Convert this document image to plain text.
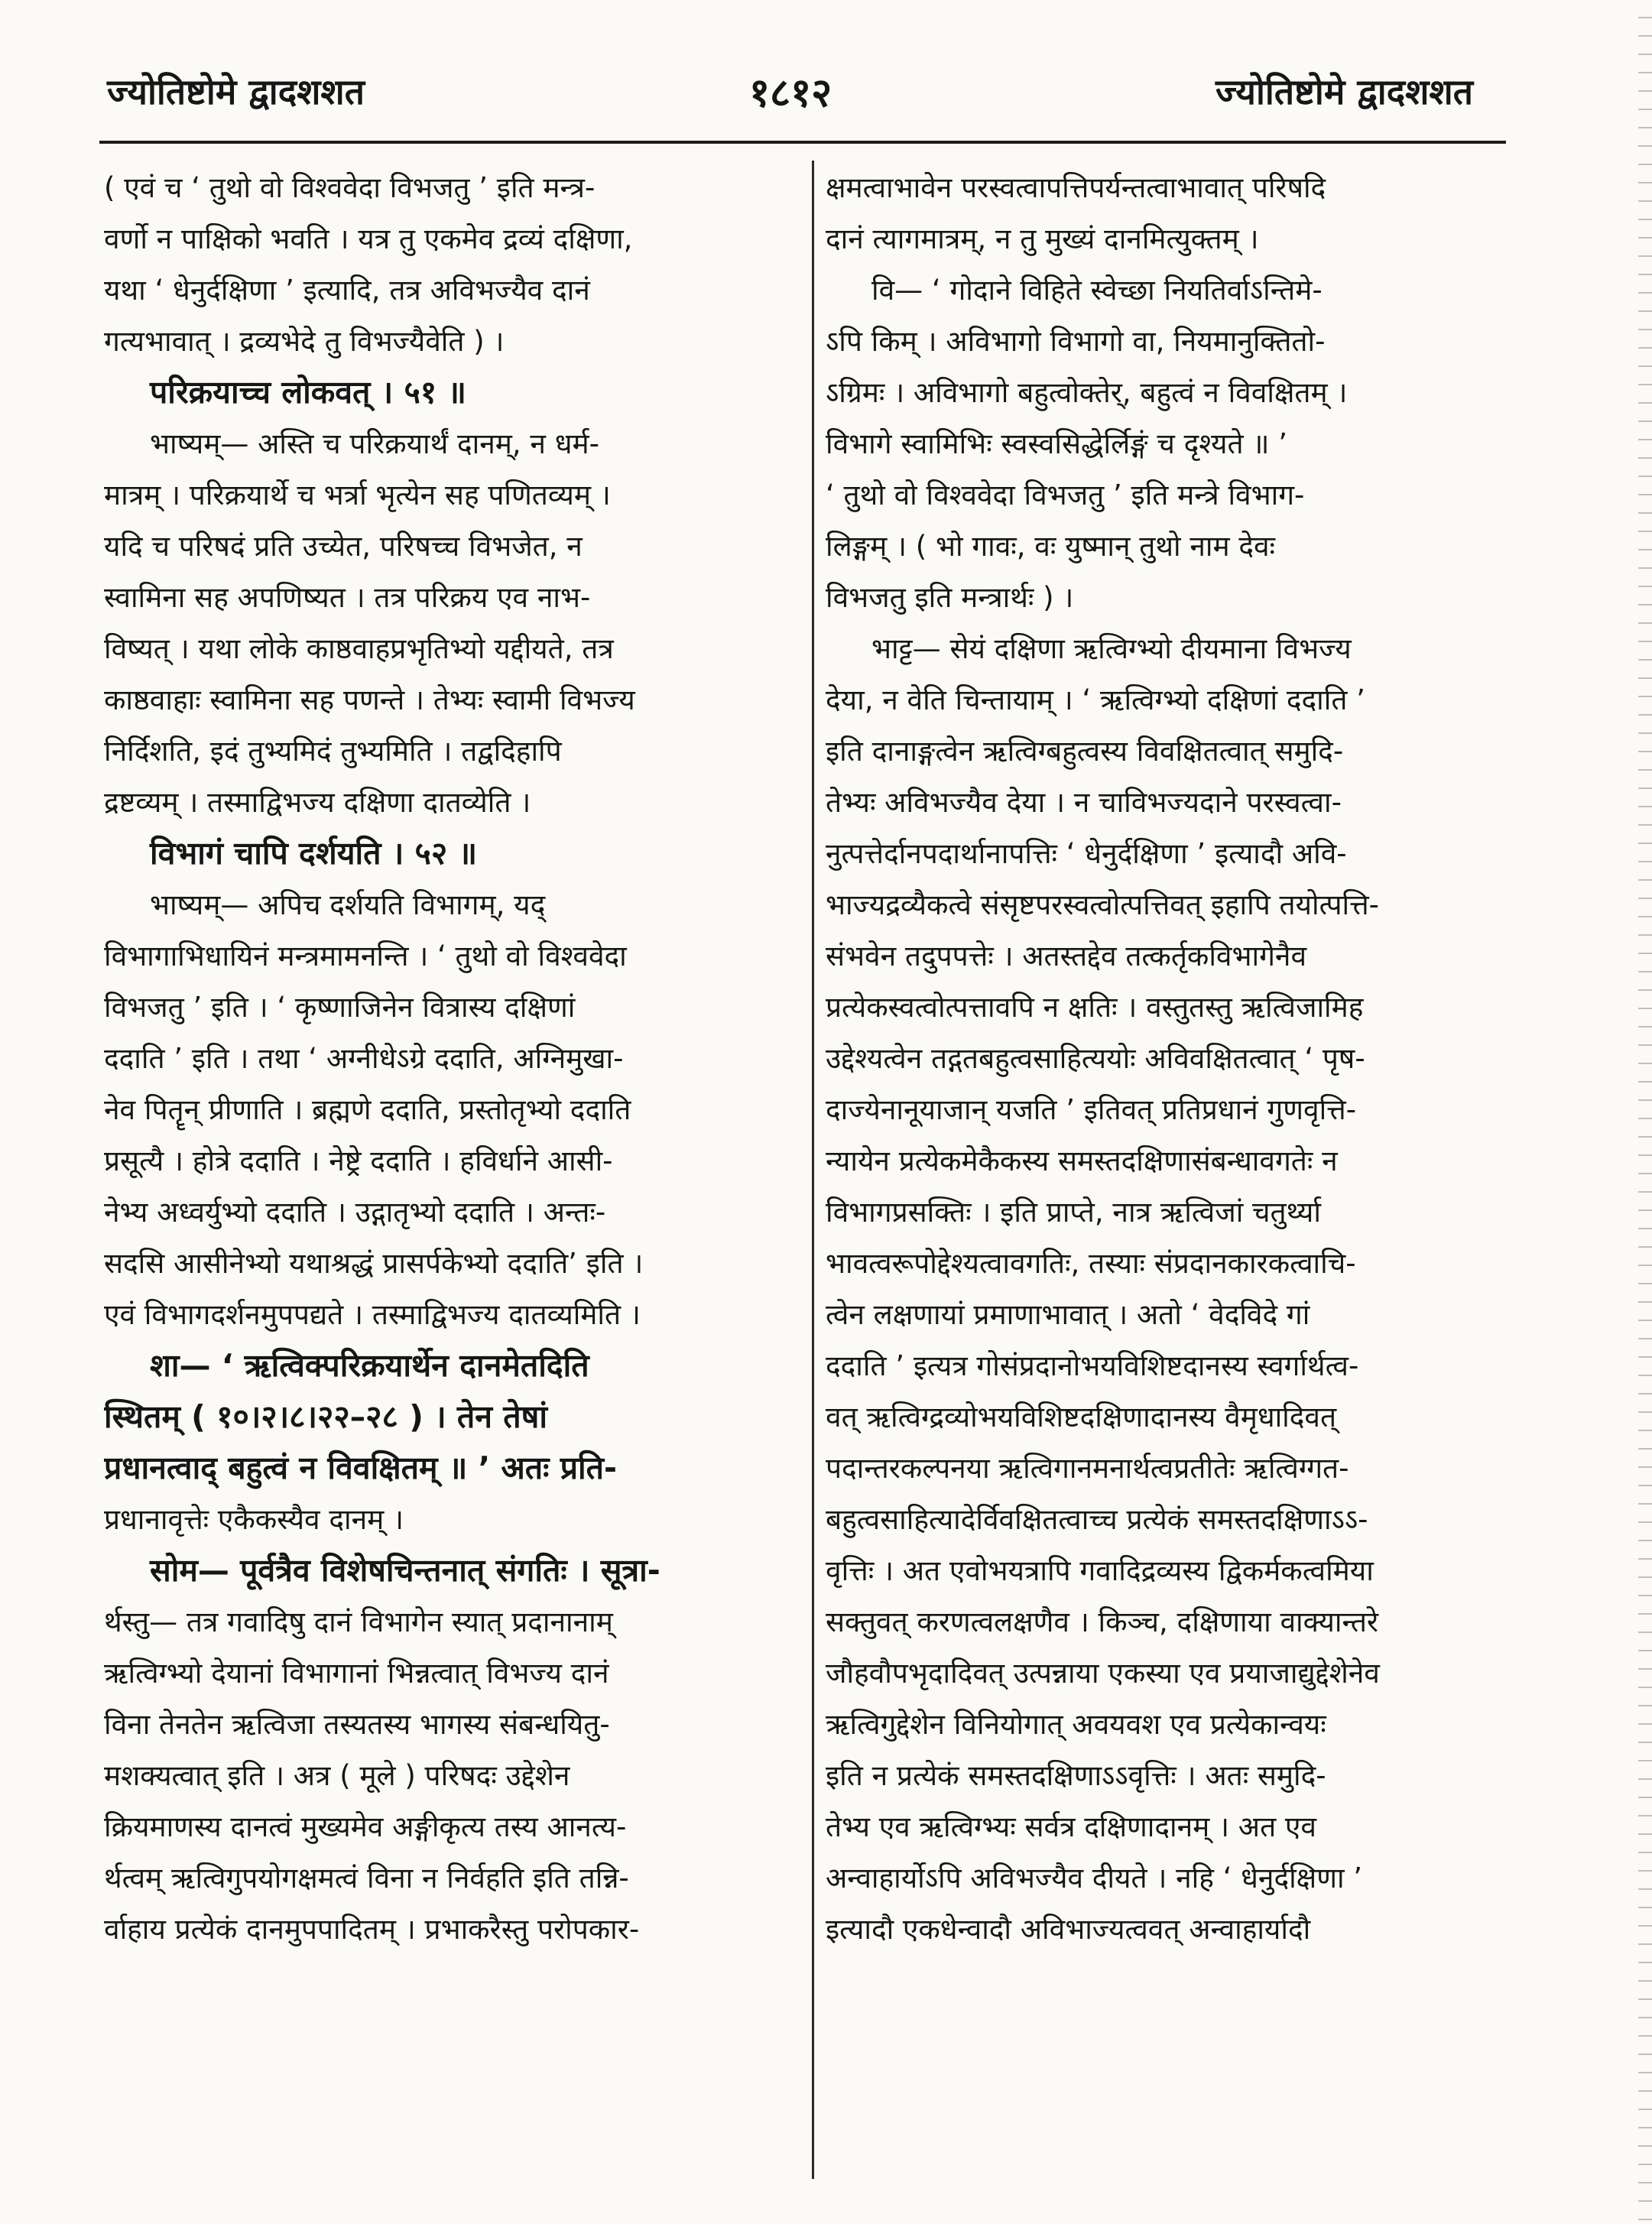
ज्योतिष्टोमे द्वादशशत	१८१२	ज्योतिष्टोमे द्वादशशत
( एवं च ‘ तुथो वो विश्ववेदा विभजतु ’ इति मन्त्र-
वर्णो न पाक्षिको भवति । यत्र तु एकमेव द्रव्यं दक्षिणा,
यथा ‘ धेनुर्दक्षिणा ’ इत्यादि, तत्र अविभज्यैव दानं
गत्यभावात् । द्रव्यभेदे तु विभज्यैवेति ) ।
परिक्रयाच्च लोकवत् । ५१ ॥
भाष्यम्— अस्ति च परिक्रयार्थं दानम्, न धर्म-
मात्रम् । परिक्रयार्थे च भर्त्रा भृत्येन सह पणितव्यम् ।
यदि च परिषदं प्रति उच्येत, परिषच्च विभजेत, न
स्वामिना सह अपणिष्यत । तत्र परिक्रय एव नाभ-
विष्यत् । यथा लोके काष्ठवाहप्रभृतिभ्यो यद्दीयते, तत्र
काष्ठवाहाः स्वामिना सह पणन्ते । तेभ्यः स्वामी विभज्य
निर्दिशति, इदं तुभ्यमिदं तुभ्यमिति । तद्वदिहापि
द्रष्टव्यम् । तस्माद्विभज्य दक्षिणा दातव्येति ।
विभागं चापि दर्शयति । ५२ ॥
भाष्यम्— अपिच दर्शयति विभागम्, यद्
विभागाभिधायिनं मन्त्रमामनन्ति । ‘ तुथो वो विश्ववेदा
विभजतु ’ इति । ‘ कृष्णाजिनेन वित्रास्य दक्षिणां
ददाति ’ इति । तथा ‘ अग्नीधेऽग्रे ददाति, अग्निमुखा-
नेव पितॄन् प्रीणाति । ब्रह्मणे ददाति, प्रस्तोतृभ्यो ददाति
प्रसूत्यै । होत्रे ददाति । नेष्ट्रे ददाति । हविर्धाने आसी-
नेभ्य अध्वर्युभ्यो ददाति । उद्गातृभ्यो ददाति । अन्तः-
सदसि आसीनेभ्यो यथाश्रद्धं प्रासर्पकेभ्यो ददाति’ इति ।
एवं विभागदर्शनमुपपद्यते । तस्माद्विभज्य दातव्यमिति ।
शा— ‘ ऋत्विक्परिक्रयार्थेन दानमेतदिति
स्थितम् ( १०।२।८।२२–२८ ) । तेन तेषां
प्रधानत्वाद् बहुत्वं न विवक्षितम् ॥ ’ अतः प्रति-
प्रधानावृत्तेः एकैकस्यैव दानम् ।
सोम— पूर्वत्रैव विशेषचिन्तनात् संगतिः । सूत्रा-
र्थस्तु— तत्र गवादिषु दानं विभागेन स्यात् प्रदानानाम्
ऋत्विग्भ्यो देयानां विभागानां भिन्नत्वात् विभज्य दानं
विना तेनतेन ऋत्विजा तस्यतस्य भागस्य संबन्धयितु-
मशक्यत्वात् इति । अत्र ( मूले ) परिषदः उद्देशेन
क्रियमाणस्य दानत्वं मुख्यमेव अङ्गीकृत्य तस्य आनत्य-
र्थत्वम् ऋत्विगुपयोगक्षमत्वं विना न निर्वहति इति तन्नि-
र्वाहाय प्रत्येकं दानमुपपादितम् । प्रभाकरैस्तु परोपकार-
क्षमत्वाभावेन परस्वत्वापत्तिपर्यन्तत्वाभावात् परिषदि
दानं त्यागमात्रम्, न तु मुख्यं दानमित्युक्तम् ।
वि— ‘ गोदाने विहिते स्वेच्छा नियतिर्वाऽन्तिमे-
ऽपि किम् । अविभागो विभागो वा, नियमानुक्तितो-
ऽग्रिमः । अविभागो बहुत्वोक्तेर्, बहुत्वं न विवक्षितम् ।
विभागे स्वामिभिः स्वस्वसिद्धेर्लिङ्गं च दृश्यते ॥ ’
‘ तुथो वो विश्ववेदा विभजतु ’ इति मन्त्रे विभाग-
लिङ्गम् । ( भो गावः, वः युष्मान् तुथो नाम देवः
विभजतु इति मन्त्रार्थः ) ।
भाट्ट— सेयं दक्षिणा ऋत्विग्भ्यो दीयमाना विभज्य
देया, न वेति चिन्तायाम् । ‘ ऋत्विग्भ्यो दक्षिणां ददाति ’
इति दानाङ्गत्वेन ऋत्विग्बहुत्वस्य विवक्षितत्वात् समुदि-
तेभ्यः अविभज्यैव देया । न चाविभज्यदाने परस्वत्वा-
नुत्पत्तेर्दानपदार्थानापत्तिः ‘ धेनुर्दक्षिणा ’ इत्यादौ अवि-
भाज्यद्रव्यैकत्वे संसृष्टपरस्वत्वोत्पत्तिवत् इहापि तयोत्पत्ति-
संभवेन तदुपपत्तेः । अतस्तद्देव तत्कर्तृकविभागेनैव
प्रत्येकस्वत्वोत्पत्तावपि न क्षतिः । वस्तुतस्तु ऋत्विजामिह
उद्देश्यत्वेन तद्गतबहुत्वसाहित्ययोः अविवक्षितत्वात् ‘ पृष-
दाज्येनानूयाजान् यजति ’ इतिवत् प्रतिप्रधानं गुणवृत्ति-
न्यायेन प्रत्येकमेकैकस्य समस्तदक्षिणासंबन्धावगतेः न
विभागप्रसक्तिः । इति प्राप्ते, नात्र ऋत्विजां चतुर्थ्या
भावत्वरूपोद्देश्यत्वावगतिः, तस्याः संप्रदानकारकत्वाचि-
त्वेन लक्षणायां प्रमाणाभावात् । अतो ‘ वेदविदे गां
ददाति ’ इत्यत्र गोसंप्रदानोभयविशिष्टदानस्य स्वर्गार्थत्व-
वत् ऋत्विग्द्रव्योभयविशिष्टदक्षिणादानस्य वैमृधादिवत्
पदान्तरकल्पनया ऋत्विगानमनार्थत्वप्रतीतेः ऋत्विग्गत-
बहुत्वसाहित्यादेर्विवक्षितत्वाच्च प्रत्येकं समस्तदक्षिणाऽऽ-
वृत्तिः । अत एवोभयत्रापि गवादिद्रव्यस्य द्विकर्मकत्वमिया
सक्तुवत् करणत्वलक्षणैव । किञ्च, दक्षिणाया वाक्यान्तरे
जौहवौपभृदादिवत् उत्पन्नाया एकस्या एव प्रयाजाद्युद्देशेनेव
ऋत्विगुद्देशेन विनियोगात् अवयवश एव प्रत्येकान्वयः
इति न प्रत्येकं समस्तदक्षिणाऽऽवृत्तिः । अतः समुदि-
तेभ्य एव ऋत्विग्भ्यः सर्वत्र दक्षिणादानम् । अत एव
अन्वाहार्योऽपि अविभज्यैव दीयते । नहि ‘ धेनुर्दक्षिणा ’
इत्यादौ एकधेन्वादौ अविभाज्यत्ववत् अन्वाहार्यादौ
